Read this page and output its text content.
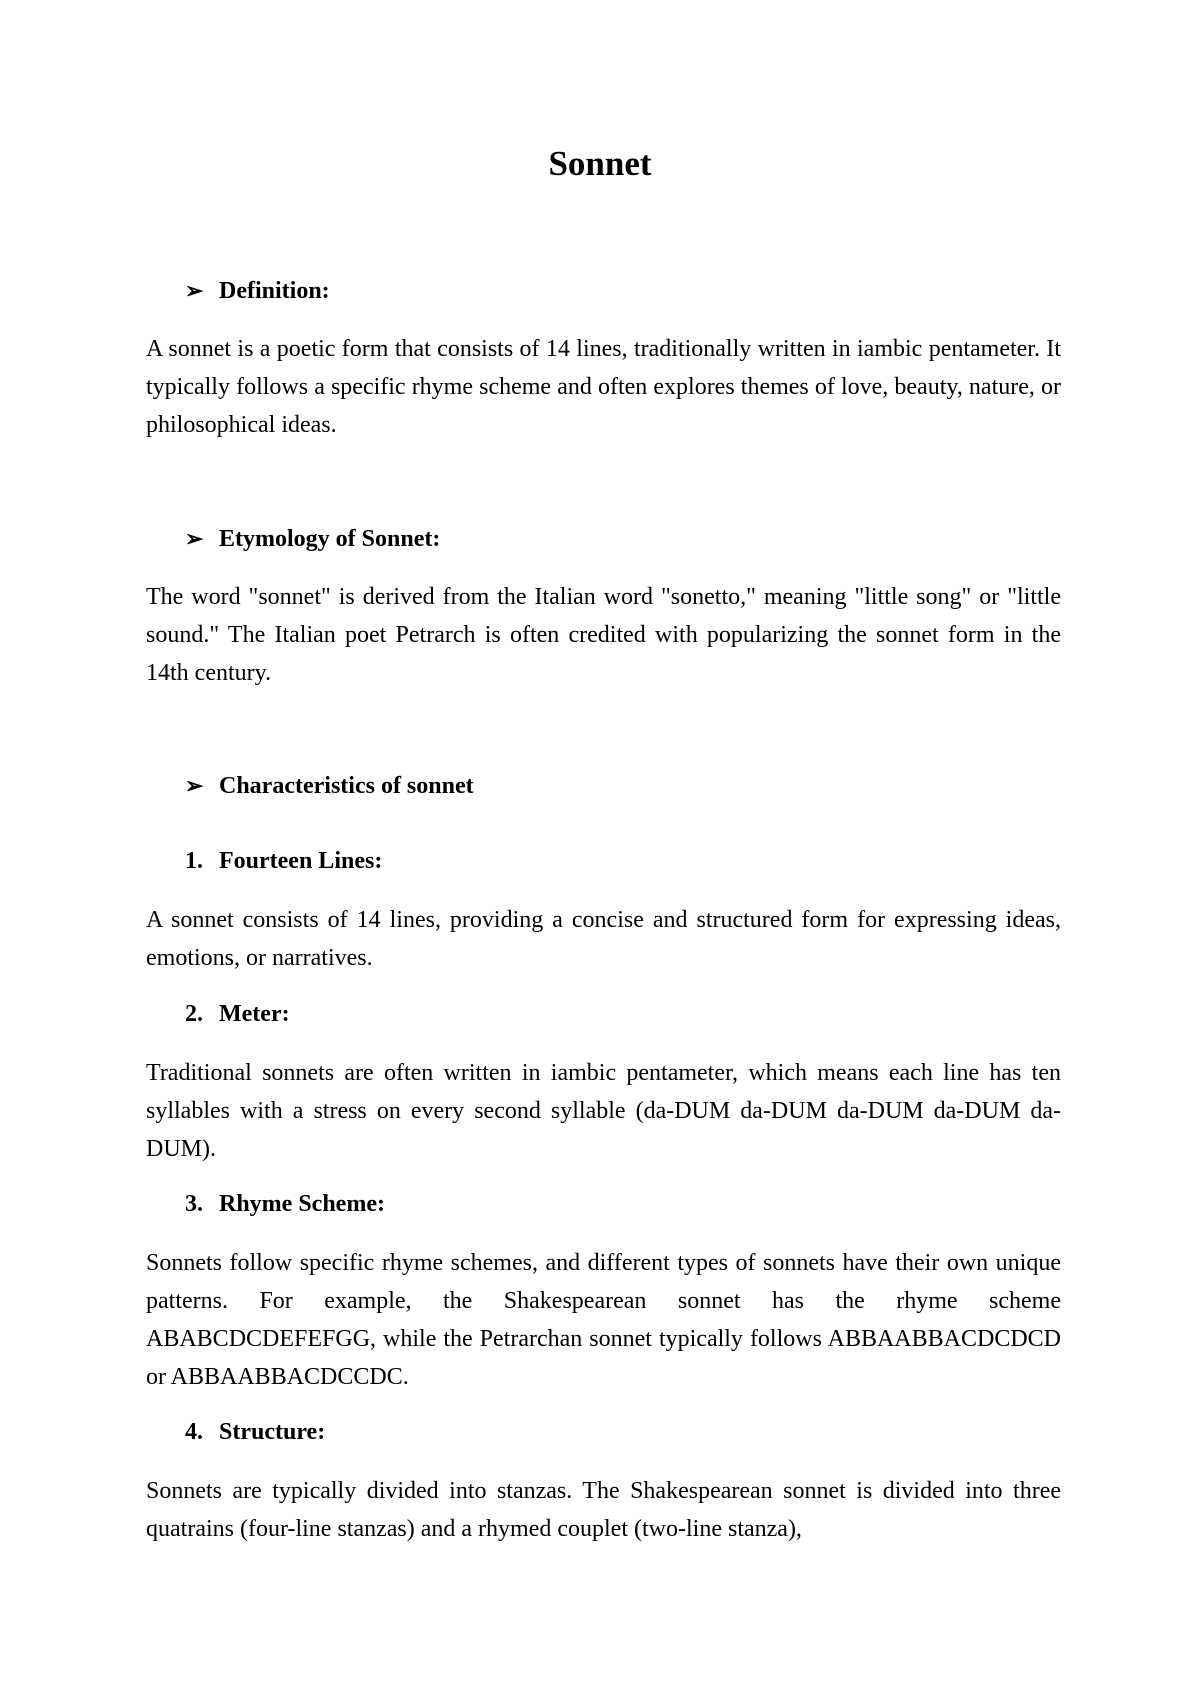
Sonnet
➢ Definition:
A sonnet is a poetic form that consists of 14 lines, traditionally written in iambic pentameter. It typically follows a specific rhyme scheme and often explores themes of love, beauty, nature, or philosophical ideas.
➢ Etymology of Sonnet:
The word "sonnet" is derived from the Italian word "sonetto," meaning "little song" or "little sound." The Italian poet Petrarch is often credited with popularizing the sonnet form in the 14th century.
➢ Characteristics of sonnet
1. Fourteen Lines:
A sonnet consists of 14 lines, providing a concise and structured form for expressing ideas, emotions, or narratives.
2. Meter:
Traditional sonnets are often written in iambic pentameter, which means each line has ten syllables with a stress on every second syllable (da-DUM da-DUM da-DUM da-DUM da-DUM).
3. Rhyme Scheme:
Sonnets follow specific rhyme schemes, and different types of sonnets have their own unique patterns. For example, the Shakespearean sonnet has the rhyme scheme ABABCDCDEFEFGG, while the Petrarchan sonnet typically follows ABBAABBACDCDCD or ABBAABBACDCCDC.
4. Structure:
Sonnets are typically divided into stanzas. The Shakespearean sonnet is divided into three quatrains (four-line stanzas) and a rhymed couplet (two-line stanza),
